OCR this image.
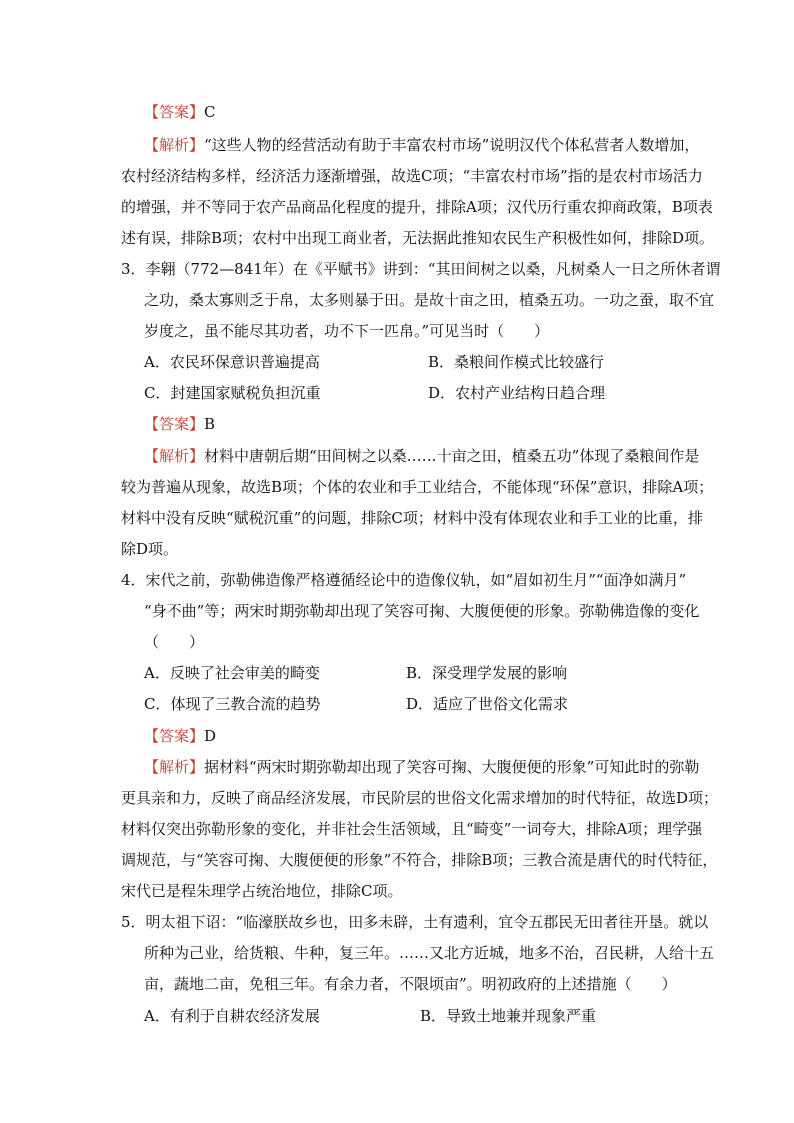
【答案】C
【解析】“这些人物的经营活动有助于丰富农村市场”说明汉代个体私营者人数增加，
农村经济结构多样，经济活力逐渐增强，故选C项；“丰富农村市场”指的是农村市场活力
的增强，并不等同于农产品商品化程度的提升，排除A项；汉代历行重农抑商政策，B项表
述有误，排除B项；农村中出现工商业者，无法据此推知农民生产积极性如何，排除D项。
3．李翱（772—841年）在《平赋书》讲到：“其田间树之以桑，凡树桑人一日之所休者谓
之功，桑太寡则乏于帛，太多则暴于田。是故十亩之田，植桑五功。一功之蚕，取不宜
岁度之，虽不能尽其功者，功不下一匹帛。”可见当时（　　）
A．农民环保意识普遍提高	B．桑粮间作模式比较盛行
C．封建国家赋税负担沉重	D．农村产业结构日趋合理
【答案】B
【解析】材料中唐朝后期“田间树之以桑……十亩之田，植桑五功”体现了桑粮间作是
较为普遍从现象，故选B项；个体的农业和手工业结合，不能体现“环保”意识，排除A项；
材料中没有反映“赋税沉重”的问题，排除C项；材料中没有体现农业和手工业的比重，排
除D项。
4．宋代之前，弥勒佛造像严格遵循经论中的造像仪轨，如“眉如初生月”“面净如满月”
“身不曲”等；两宋时期弥勒却出现了笑容可掬、大腹便便的形象。弥勒佛造像的变化
（　　）
A．反映了社会审美的畸变	B．深受理学发展的影响
C．体现了三教合流的趋势	D．适应了世俗文化需求
【答案】D
【解析】据材料“两宋时期弥勒却出现了笑容可掬、大腹便便的形象”可知此时的弥勒
更具亲和力，反映了商品经济发展，市民阶层的世俗文化需求增加的时代特征，故选D项；
材料仅突出弥勒形象的变化，并非社会生活领域，且“畸变”一词夸大，排除A项；理学强
调规范，与“笑容可掬、大腹便便的形象”不符合，排除B项；三教合流是唐代的时代特征，
宋代已是程朱理学占统治地位，排除C项。
5．明太祖下诏：“临濠朕故乡也，田多未辟，土有遗利，宜令五郡民无田者往开垦。就以
所种为己业，给货粮、牛种，复三年。……又北方近城，地多不治，召民耕，人给十五
亩，蔬地二亩，免租三年。有余力者，不限顷亩”。明初政府的上述措施（　　）
A．有利于自耕农经济发展	B．导致土地兼并现象严重
